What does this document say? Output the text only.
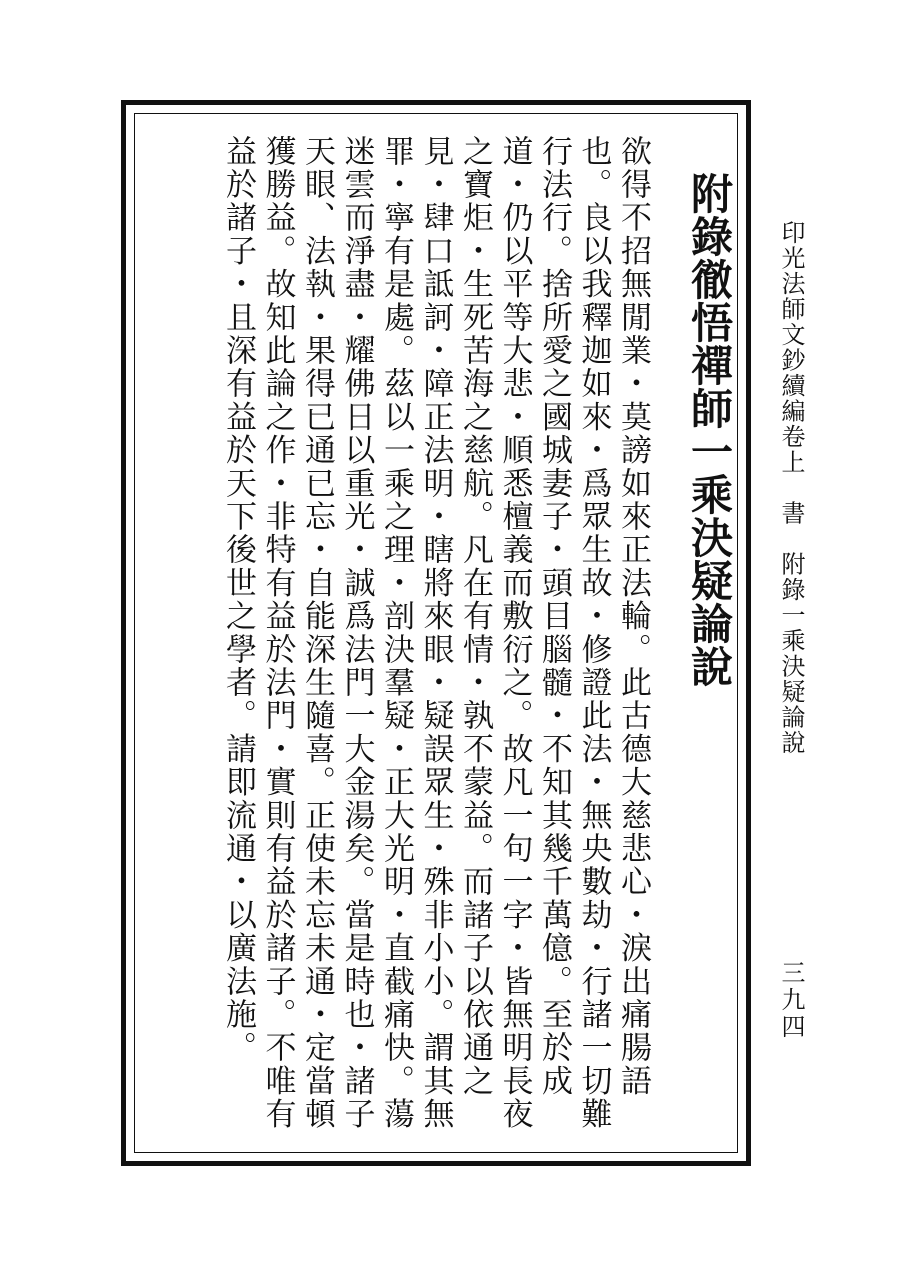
印光法師文鈔續編卷上　書　附錄一乘決疑論說
三九四
附錄徹悟禪師一乘決疑論說
欲得不招無閒業・莫謗如來正法輪。此古德大慈悲心・淚出痛腸語也。良以我釋迦如來・爲眾生故・修證此法・無央數劫・行諸一切難行法行。捨所愛之國城妻子・頭目腦髓・不知其幾千萬億。至於成道・仍以平等大悲・順悉檀義而敷衍之。故凡一句一字・皆無明長夜之寶炬・生死苦海之慈航。凡在有情・孰不蒙益。而諸子以依通之見・肆口詆訶・障正法明・瞎將來眼・疑誤眾生・殊非小小。謂其無罪・寧有是處。茲以一乘之理・剖決羣疑・正大光明・直截痛快。蕩迷雲而淨盡・耀佛日以重光・誠爲法門一大金湯矣。當是時也・諸子天眼、法執・果得已通已忘・自能深生隨喜。正使未忘未通・定當頓獲勝益。故知此論之作・非特有益於法門・實則有益於諸子。不唯有益於諸子・且深有益於天下後世之學者。請即流通・以廣法施。
